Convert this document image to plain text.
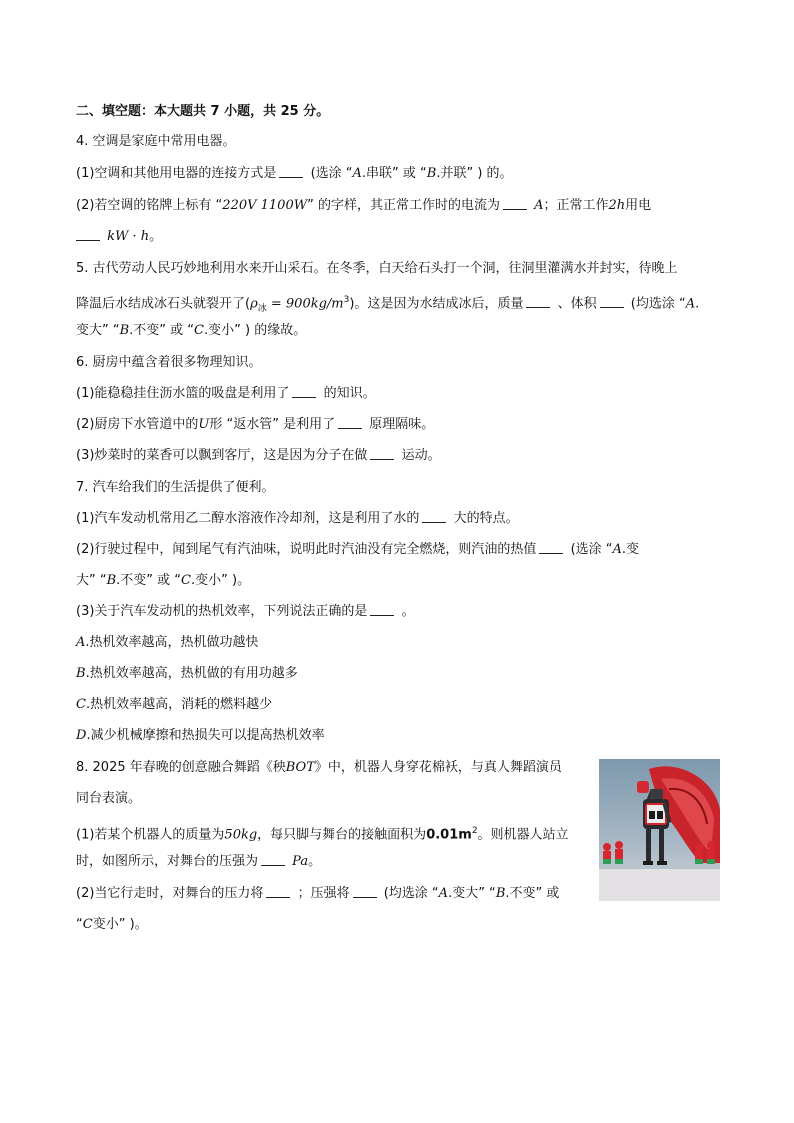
二、填空题：本大题共 7 小题，共 25 分。
4. 空调是家庭中常用电器。
(1)空调和其他用电器的连接方式是	(选涂 “A.串联” 或 “B.并联” ) 的。
(2)若空调的铭牌上标有 “220V 1100W” 的字样，其正常工作时的电流为	A；正常工作2h用电
kW · h。
5. 古代劳动人民巧妙地利用水来开山采石。在冬季，白天给石头打一个洞，往洞里灌满水并封实，待晚上
降温后水结成冰石头就裂开了$(\rho_冰 = 900kg/m^3)$。这是因为水结成冰后，质量	、体积	(均选涂 “A.
变大” “B.不变” 或 “C.变小” ) 的缘故。
6. 厨房中蕴含着很多物理知识。
(1)能稳稳挂住沥水篮的吸盘是利用了	的知识。
(2)厨房下水管道中的U形 “返水管” 是利用了	原理隔味。
(3)炒菜时的菜香可以飘到客厅，这是因为分子在做	运动。
7. 汽车给我们的生活提供了便利。
(1)汽车发动机常用乙二醇水溶液作冷却剂，这是利用了水的	大的特点。
(2)行驶过程中，闻到尾气有汽油味，说明此时汽油没有完全燃烧，则汽油的热值	(选涂 “A.变
大” “B.不变” 或 “C.变小” )。
(3)关于汽车发动机的热机效率，下列说法正确的是	。
A.热机效率越高，热机做功越快
B.热机效率越高，热机做的有用功越多
C.热机效率越高，消耗的燃料越少
D.减少机械摩擦和热损失可以提高热机效率
8. 2025 年春晚的创意融合舞蹈《秧BOT》中，机器人身穿花棉袄，与真人舞蹈演员
同台表演。
(1)若某个机器人的质量为50kg，每只脚与舞台的接触面积为$0.01m^2$。则机器人站立
时，如图所示，对舞台的压强为	Pa。
(2)当它行走时，对舞台的压力将	；压强将	(均选涂 “A.变大” “B.不变” 或
“C变小” )。
